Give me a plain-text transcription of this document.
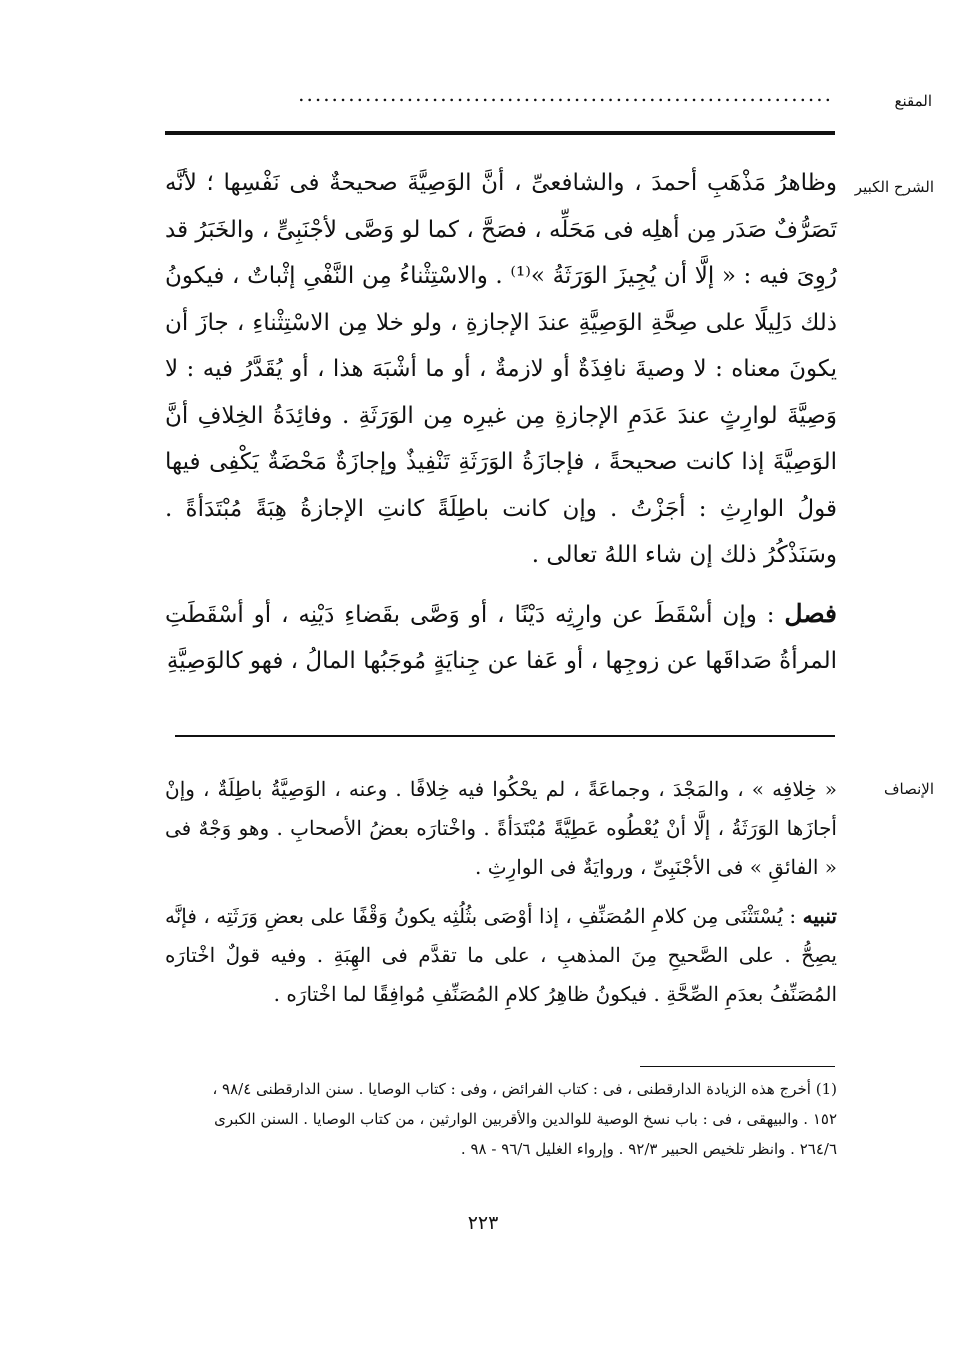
المقنع
................................................................
الشرح الكبير

وظاهرُ مَذْهَبِ أحمدَ ، والشافعىِّ ، أنَّ الوَصِيَّةَ صحيحةٌ فى نَفْسِها ؛ لأنَّه تَصَرُّفٌ صَدَر مِن أهلِه فى مَحَلِّه ، فصَحَّ ، كما لو وَصَّى لأجْنَبِىٍّ ، والخَبَرُ قد رُوِىَ فيه : « إلَّا أن يُجِيزَ الوَرَثَةُ »⁽¹⁾ . والاسْتِثْناءُ مِن النَّفْىِ إثْباتٌ ، فيكونُ ذلك دَلِيلًا على صِحَّةِ الوَصِيَّةِ عندَ الإجازةِ ، ولو خلا مِن الاسْتِثْناءِ ، جازَ أن يكونَ معناه : لا وصيةَ نافِذَةٌ أو لازمةٌ ، أو ما أشْبَهَ هذا ، أو يُقَدَّرُ فيه : لا وَصِيَّةَ لوارِثٍ عندَ عَدَمِ الإجازةِ مِن غيرِه مِن الوَرَثَةِ . وفائِدَةُ الخِلافِ أنَّ الوَصِيَّةَ إذا كانت صحيحةً ، فإجازَةُ الوَرَثَةِ تَنْفِيذٌ وإجازَةٌ مَحْضَةٌ يَكْفِى فيها قولُ الوارِثِ : أجَزْتُ . وإن كانت باطِلَةً كانتِ الإجازةُ هِبَةً مُبْتَدَأةً . وسَنَذْكُرُ ذلك إن شاء اللهُ تعالى .

فصل : وإن أسْقَطَ عن وارِثِه دَيْنًا ، أو وَصَّى بقَضاءِ دَيْنِه ، أو أسْقَطَتِ المرأةُ صَداقَها عن زوجِها ، أو عَفا عن جِنايَةٍ مُوجَبُها المالُ ، فهو كالوَصِيَّةِ

الإنصاف

« خِلافِه » ، والمَجْدَ ، وجماعَةً ، لم يحْكُوا فيه خِلافًا . وعنه ، الوَصِيَّةُ باطِلَةٌ ، وإنْ أجازَها الوَرَثَةُ ، إلَّا أنْ يُعْطُوه عَطِيَّةً مُبْتَدَأةً . واخْتارَه بعضُ الأصحابِ . وهو وَجْهٌ فى « الفائقِ » فى الأجْنَبِىِّ ، وروايَةٌ فى الوارِثِ .

تنبيه : يُسْتَثْنَى مِن كلامِ المُصَنِّفِ ، إذا أوْصَى بثُلُثِه يكونُ وَقْفًا على بعضِ وَرَثَتِه ، فإنَّه يصِحُّ . على الصَّحيحِ مِنَ المذهبِ ، على ما تقدَّم فى الهِبَةِ . وفيه قولٌ اخْتارَه المُصَنِّفُ بعدَمِ الصِّحَّةِ . فيكونُ ظاهِرُ كلامِ المُصَنِّفِ مُوافِقًا لما اخْتارَه .

(1) أخرج هذه الزيادة الدارقطنى ، فى : كتاب الفرائض ، وفى : كتاب الوصايا . سنن الدارقطنى ٩٨/٤ ،

١٥٢ . والبيهقى ، فى : باب نسخ الوصية للوالدين والأقربين الوارثين ، من كتاب الوصايا . السنن الكبرى

٢٦٤/٦ . وانظر تلخيص الحبير ٩٢/٣ . وإرواء الغليل ٩٦/٦ - ٩٨ .

٢٢٣
